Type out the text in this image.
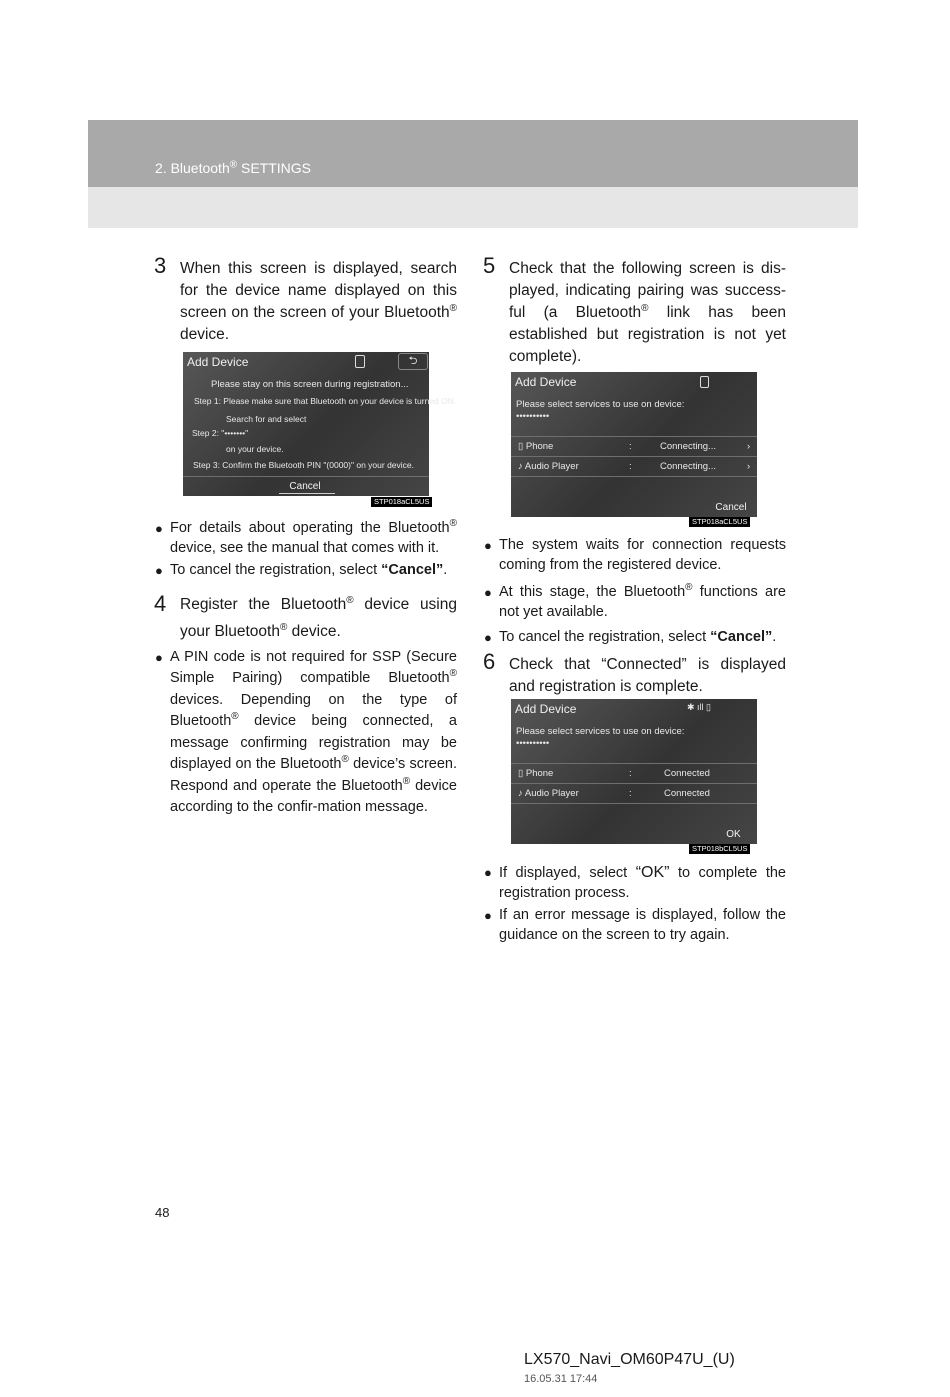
2. Bluetooth® SETTINGS
3 When this screen is displayed, search for the device name displayed on this screen on the screen of your Bluetooth® device.
Add Device	⮌
Please stay on this screen during registration...
Step 1: Please make sure that Bluetooth on your device is turned ON.
Search for and select
Step 2: "•••••••"
on your device.
Step 3: Confirm the Bluetooth PIN "(0000)" on your device.
Cancel
STP018aCL5US
● For details about operating the Bluetooth® device, see the manual that comes with it.
● To cancel the registration, select “Cancel”.
4 Register the Bluetooth® device using your Bluetooth® device.
● A PIN code is not required for SSP (Secure Simple Pairing) compatible Bluetooth® devices. Depending on the type of Bluetooth® device being connected, a message confirming registration may be displayed on the Bluetooth® device’s screen. Respond and operate the Bluetooth® device according to the confir-mation message.
5 Check that the following screen is dis-played, indicating pairing was success-ful (a Bluetooth® link has been established but registration is not yet complete).
Add Device
Please select services to use on device:
••••••••••
▯ Phone	:	Connecting...	›
♪ Audio Player	:	Connecting...	›
Cancel
STP018aCL5US
● The system waits for connection requests coming from the registered device.
● At this stage, the Bluetooth® functions are not yet available.
● To cancel the registration, select “Cancel”.
6 Check that “Connected” is displayed and registration is complete.
Add Device	✱ ıll ▯
Please select services to use on device:
••••••••••
▯ Phone	:	Connected
♪ Audio Player	:	Connected
OK
STP018bCL5US
● If displayed, select “OK” to complete the registration process.
● If an error message is displayed, follow the guidance on the screen to try again.
48
LX570_Navi_OM60P47U_(U)
16.05.31 17:44
